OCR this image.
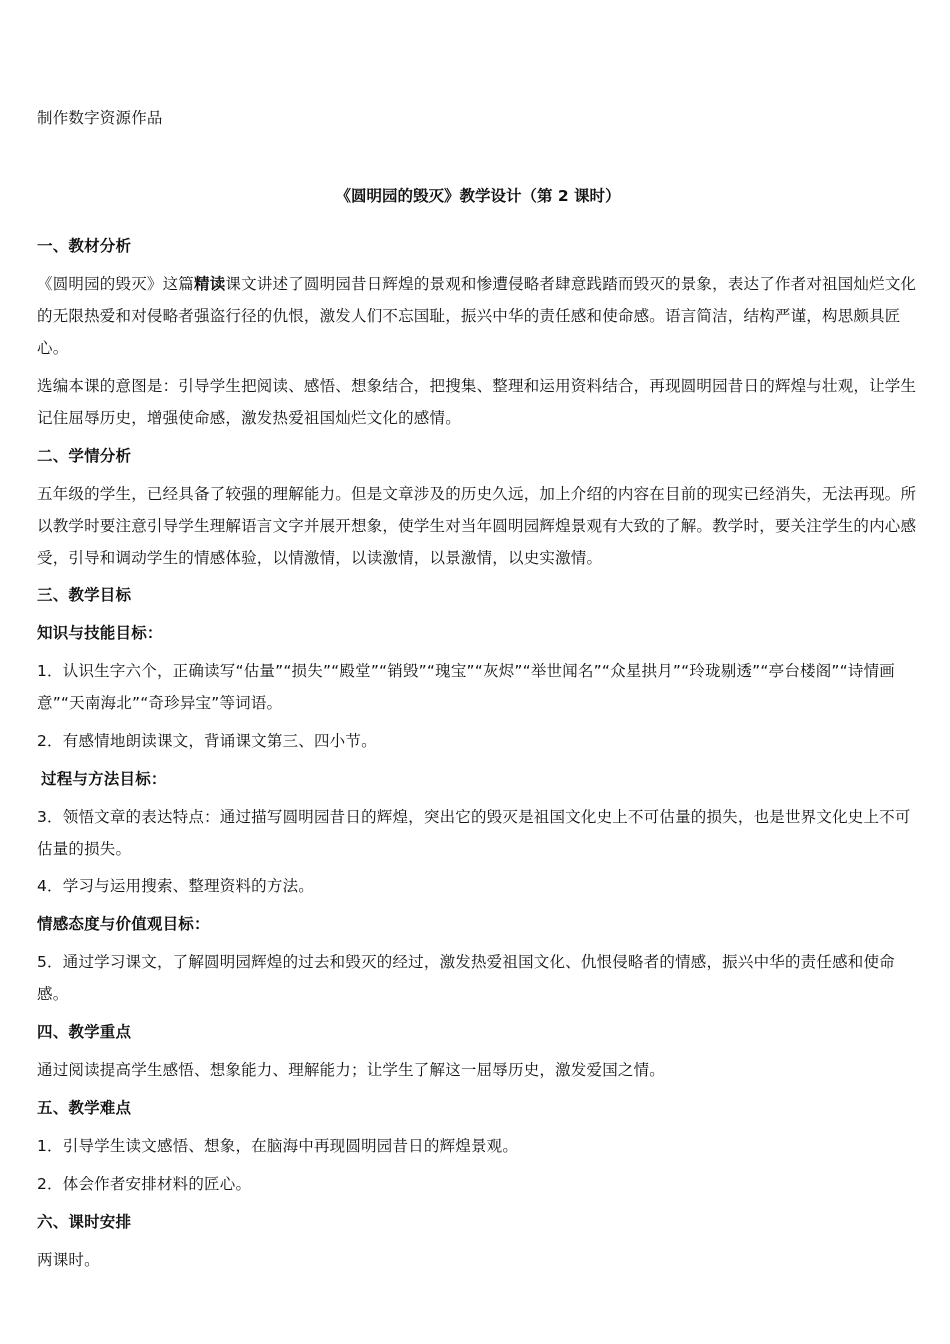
制作数字资源作品
《圆明园的毁灭》教学设计（第 2 课时）
一、教材分析
《圆明园的毁灭》这篇精读课文讲述了圆明园昔日辉煌的景观和惨遭侵略者肆意践踏而毁灭的景象，表达了作者对祖国灿烂文化的无限热爱和对侵略者强盗行径的仇恨，激发人们不忘国耻，振兴中华的责任感和使命感。语言简洁，结构严谨，构思颇具匠心。
选编本课的意图是：引导学生把阅读、感悟、想象结合，把搜集、整理和运用资料结合，再现圆明园昔日的辉煌与壮观，让学生记住屈辱历史，增强使命感，激发热爱祖国灿烂文化的感情。
二、学情分析
五年级的学生，已经具备了较强的理解能力。但是文章涉及的历史久远，加上介绍的内容在目前的现实已经消失，无法再现。所以教学时要注意引导学生理解语言文字并展开想象，使学生对当年圆明园辉煌景观有大致的了解。教学时，要关注学生的内心感受，引导和调动学生的情感体验，以情激情，以读激情，以景激情，以史实激情。
三、教学目标
知识与技能目标：
1．认识生字六个，正确读写“估量”“损失”“殿堂”“销毁”“瑰宝”“灰烬”“举世闻名”“众星拱月”“玲珑剔透”“亭台楼阁”“诗情画意”“天南海北”“奇珍异宝”等词语。
2．有感情地朗读课文，背诵课文第三、四小节。
过程与方法目标：
3．领悟文章的表达特点：通过描写圆明园昔日的辉煌，突出它的毁灭是祖国文化史上不可估量的损失，也是世界文化史上不可估量的损失。
4．学习与运用搜索、整理资料的方法。
情感态度与价值观目标：
5．通过学习课文，了解圆明园辉煌的过去和毁灭的经过，激发热爱祖国文化、仇恨侵略者的情感，振兴中华的责任感和使命感。
四、教学重点
通过阅读提高学生感悟、想象能力、理解能力；让学生了解这一屈辱历史，激发爱国之情。
五、教学难点
1．引导学生读文感悟、想象，在脑海中再现圆明园昔日的辉煌景观。
2．体会作者安排材料的匠心。
六、课时安排
两课时。
